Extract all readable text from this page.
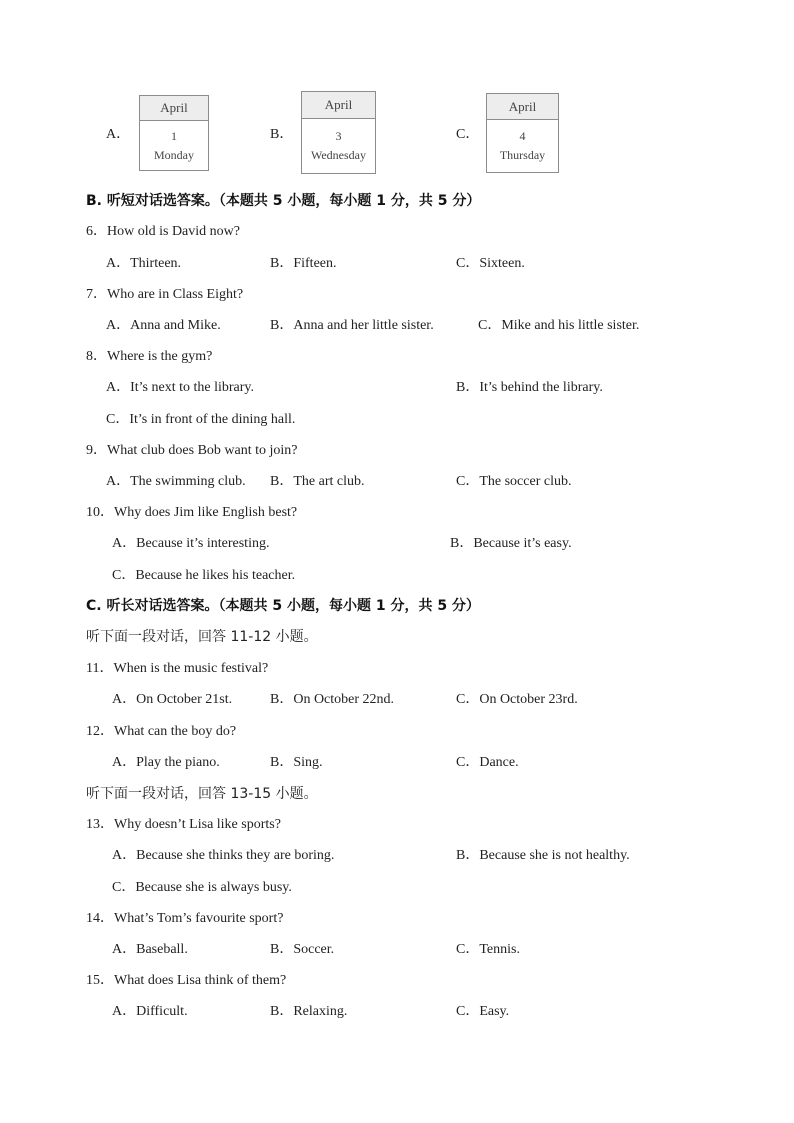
A．
April
1
Monday
B．
April
3
Wednesday
C．
April
4
Thursday
B. 听短对话选答案。（本题共 5 小题，每小题 1 分，共 5 分）
6．How old is David now?
A．Thirteen.	B．Fifteen.	C．Sixteen.
7．Who are in Class Eight?
A．Anna and Mike.	B．Anna and her little sister.	C．Mike and his little sister.
8．Where is the gym?
A．It’s next to the library.	B．It’s behind the library.
C．It’s in front of the dining hall.
9．What club does Bob want to join?
A．The swimming club. B．The art club.	C．The soccer club.
10．Why does Jim like English best?
A．Because it’s interesting.	B．Because it’s easy.
C．Because he likes his teacher.
C. 听长对话选答案。（本题共 5 小题，每小题 1 分，共 5 分）
听下面一段对话，回答 11-12 小题。
11．When is the music festival?
A．On October 21st.	B．On October 22nd.	C．On October 23rd.
12．What can the boy do?
A．Play the piano.	B．Sing.	C．Dance.
听下面一段对话，回答 13-15 小题。
13．Why doesn’t Lisa like sports?
A．Because she thinks they are boring.	B．Because she is not healthy.
C．Because she is always busy.
14．What’s Tom’s favourite sport?
A．Baseball.	B．Soccer.	C．Tennis.
15．What does Lisa think of them?
A．Difficult.	B．Relaxing.	C．Easy.
